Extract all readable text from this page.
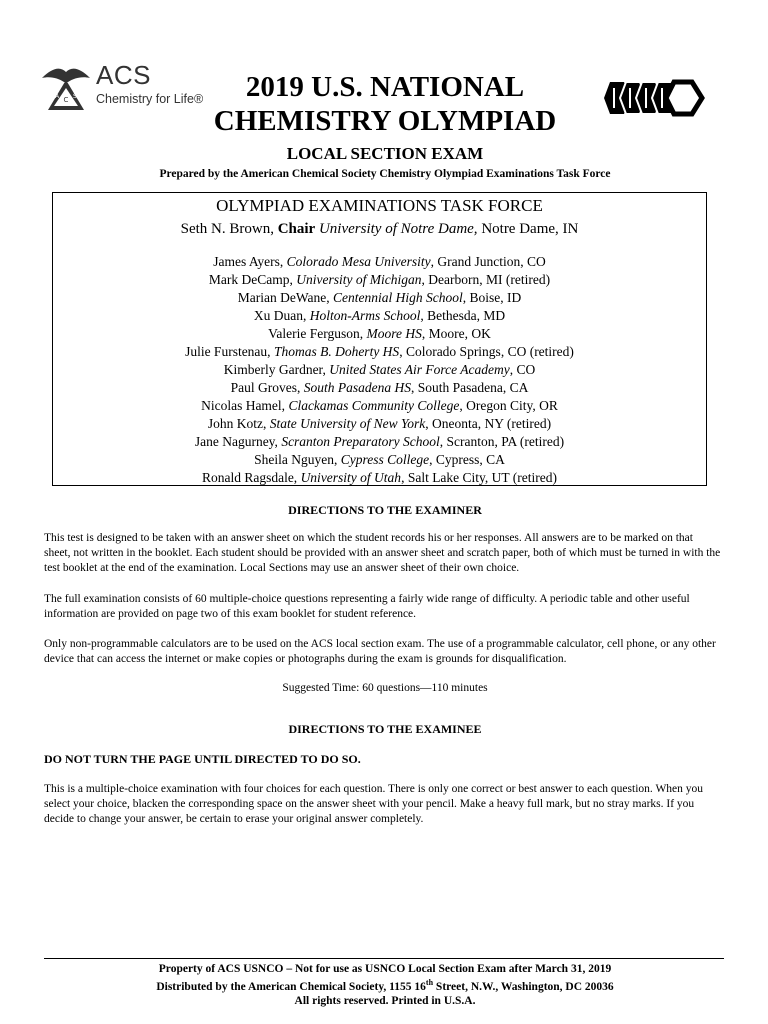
C
A S
ACS
Chemistry for Life®	2019 U.S. NATIONAL
CHEMISTRY OLYMPIAD
LOCAL SECTION EXAM
Prepared by the American Chemical Society Chemistry Olympiad Examinations Task Force
OLYMPIAD EXAMINATIONS TASK FORCE
Seth N. Brown, Chair University of Notre Dame, Notre Dame, IN
James Ayers, Colorado Mesa University, Grand Junction, CO
Mark DeCamp, University of Michigan, Dearborn, MI (retired)
Marian DeWane, Centennial High School, Boise, ID
Xu Duan, Holton-Arms School, Bethesda, MD
Valerie Ferguson, Moore HS, Moore, OK
Julie Furstenau, Thomas B. Doherty HS, Colorado Springs, CO (retired)
Kimberly Gardner, United States Air Force Academy, CO
Paul Groves, South Pasadena HS, South Pasadena, CA
Nicolas Hamel, Clackamas Community College, Oregon City, OR
John Kotz, State University of New York, Oneonta, NY (retired)
Jane Nagurney, Scranton Preparatory School, Scranton, PA (retired)
Sheila Nguyen, Cypress College, Cypress, CA
Ronald Ragsdale, University of Utah, Salt Lake City, UT (retired)
DIRECTIONS TO THE EXAMINER
This test is designed to be taken with an answer sheet on which the student records his or her responses. All answers are to be marked on that sheet, not written in the booklet. Each student should be provided with an answer sheet and scratch paper, both of which must be turned in with the test booklet at the end of the examination. Local Sections may use an answer sheet of their own choice.
The full examination consists of 60 multiple-choice questions representing a fairly wide range of difficulty. A periodic table and other useful information are provided on page two of this exam booklet for student reference.
Only non-programmable calculators are to be used on the ACS local section exam. The use of a programmable calculator, cell phone, or any other device that can access the internet or make copies or photographs during the exam is grounds for disqualification.
Suggested Time: 60 questions—110 minutes
DIRECTIONS TO THE EXAMINEE
DO NOT TURN THE PAGE UNTIL DIRECTED TO DO SO.
This is a multiple-choice examination with four choices for each question. There is only one correct or best answer to each question. When you select your choice, blacken the corresponding space on the answer sheet with your pencil. Make a heavy full mark, but no stray marks. If you decide to change your answer, be certain to erase your original answer completely.
Property of ACS USNCO – Not for use as USNCO Local Section Exam after March 31, 2019
Distributed by the American Chemical Society, 1155 16th Street, N.W., Washington, DC 20036
All rights reserved. Printed in U.S.A.
